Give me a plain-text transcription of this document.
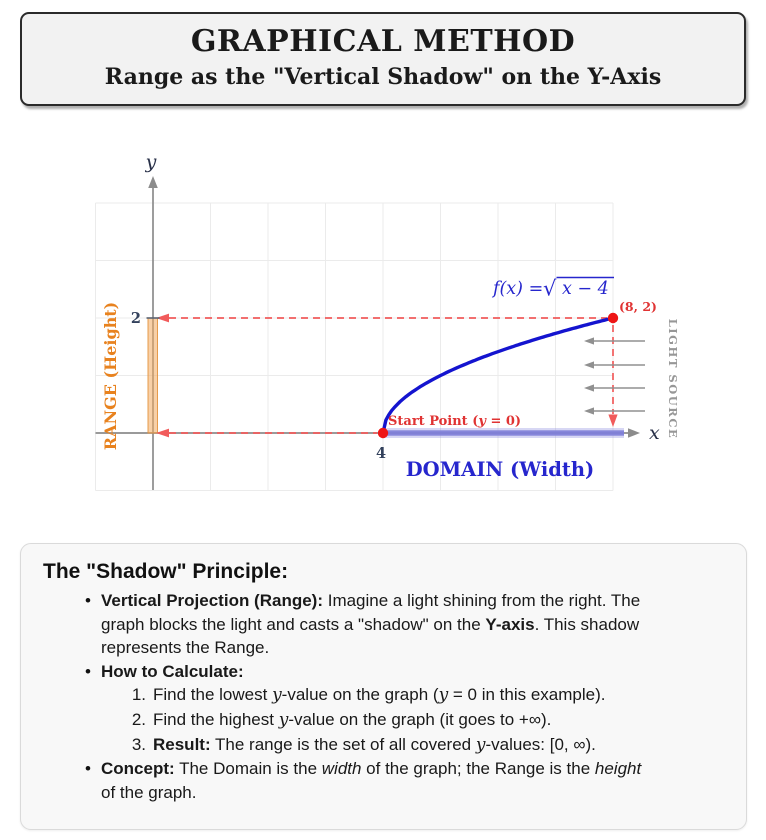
GRAPHICAL METHOD
Range as the "Vertical Shadow" on the Y-Axis
y
x
2
4
f(x) = √ x − 4
(8, 2)
Start Point (y = 0)
DOMAIN (Width)
RANGE (Height)	LIGHT SOURCE
The "Shadow" Principle:
• Vertical Projection (Range): Imagine a light shining from the right. The
graph blocks the light and casts a "shadow" on the Y-axis. This shadow
represents the Range.
• How to Calculate:
1. Find the lowest y-value on the graph (y = 0 in this example).
2. Find the highest y-value on the graph (it goes to +∞).
3. Result: The range is the set of all covered y-values: [0, ∞).
• Concept: The Domain is the width of the graph; the Range is the height
of the graph.
